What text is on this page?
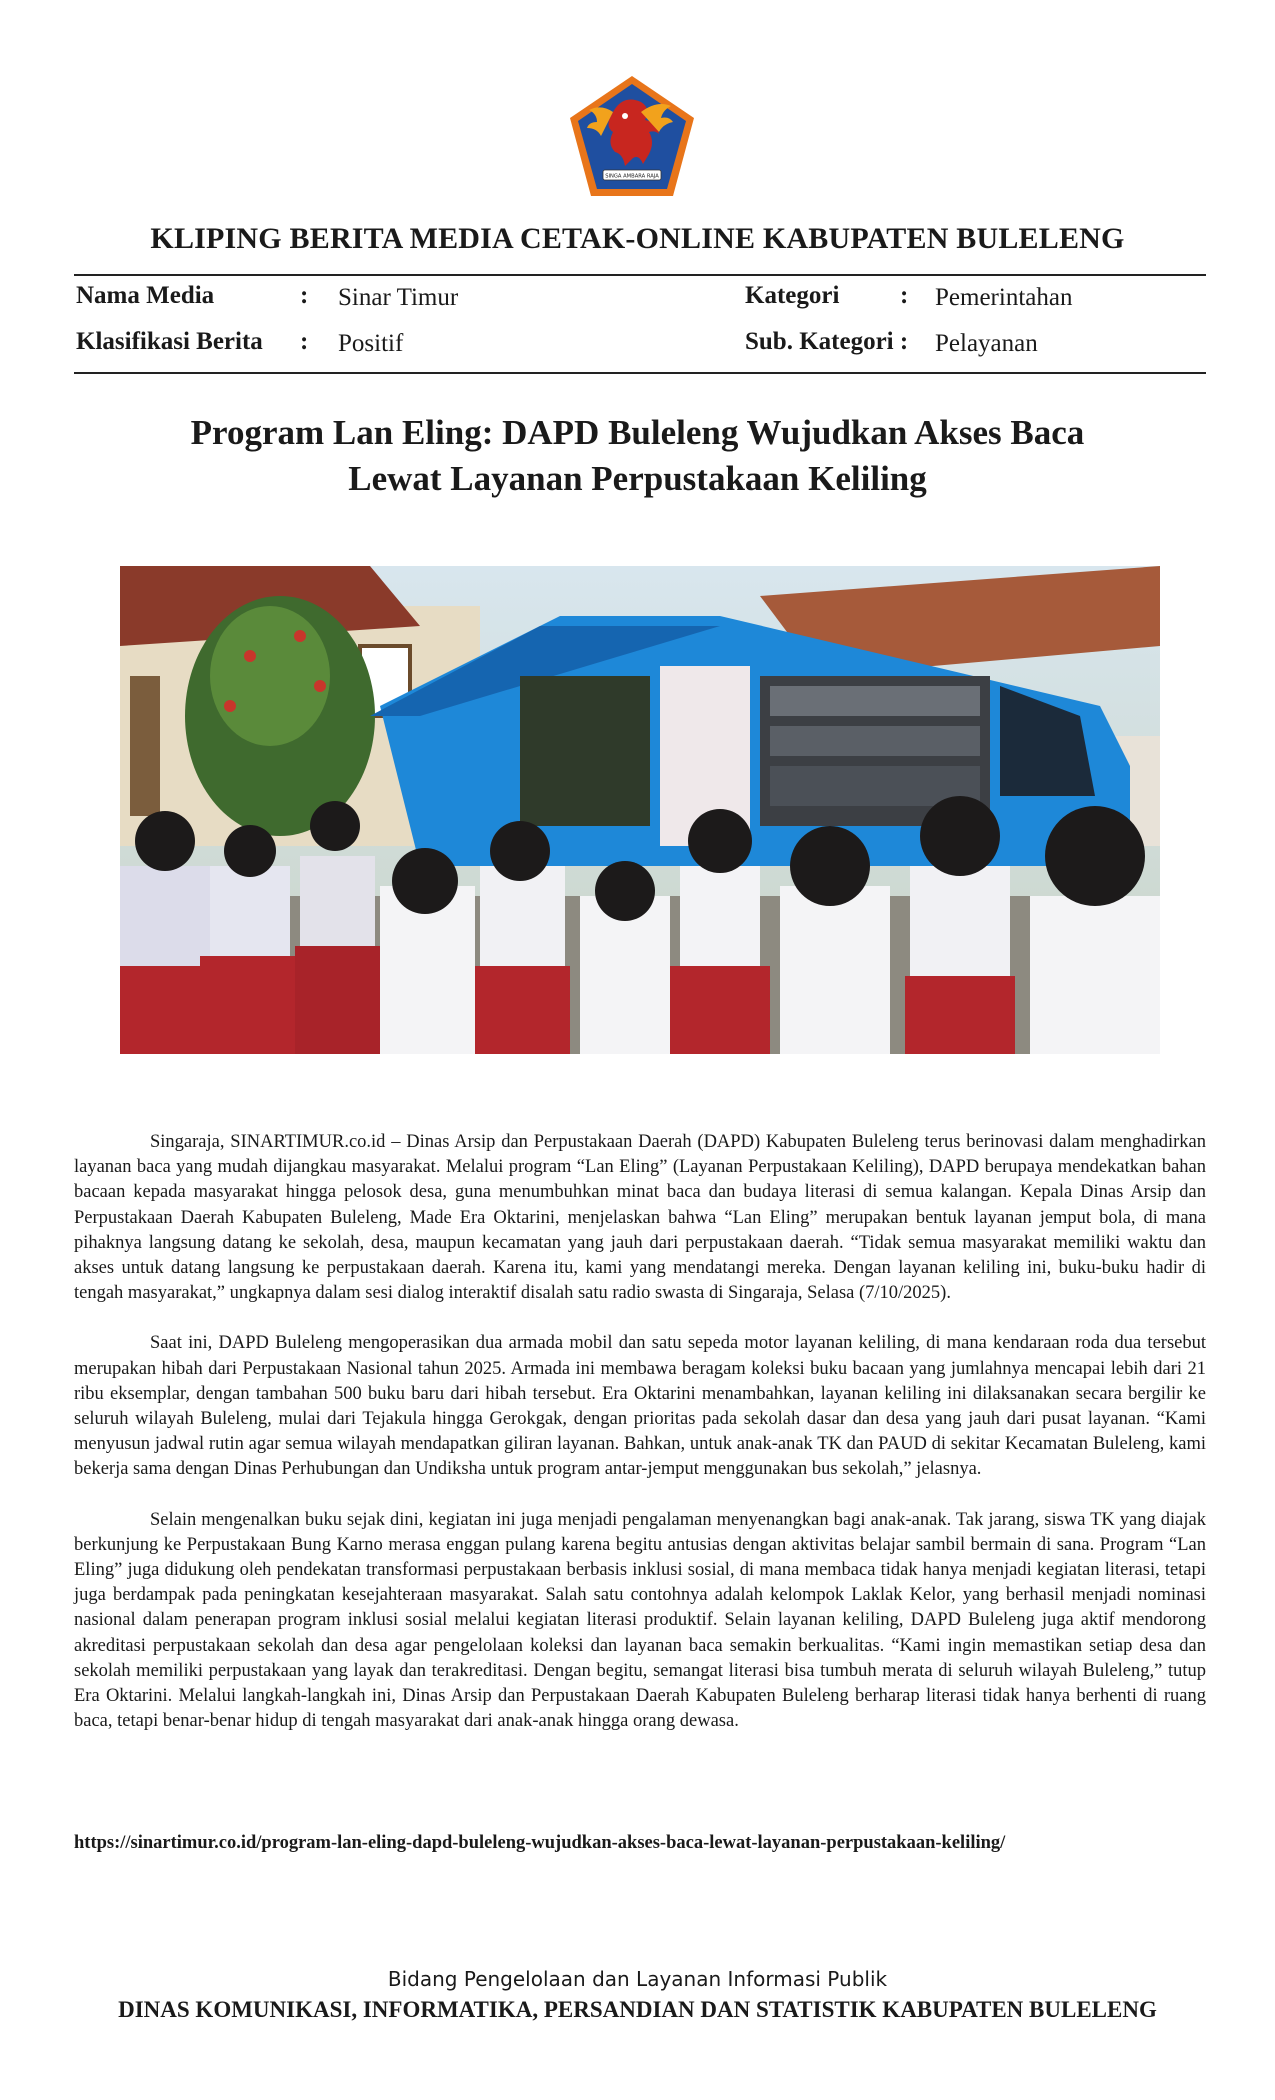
SINGA AMBARA RAJA
KLIPING BERITA MEDIA CETAK-ONLINE KABUPATEN BULELENG
Nama Media	: Sinar Timur
Klasifikasi Berita : Positif
Kategori : Pemerintahan
Sub. Kategori : Pelayanan
Program Lan Eling: DAPD Buleleng Wujudkan Akses Baca
Lewat Layanan Perpustakaan Keliling

Singaraja, SINARTIMUR.co.id – Dinas Arsip dan Perpustakaan Daerah (DAPD) Kabupaten Buleleng terus berinovasi dalam menghadirkan layanan baca yang mudah dijangkau masyarakat. Melalui program “Lan Eling” (Layanan Perpustakaan Keliling), DAPD berupaya mendekatkan bahan bacaan kepada masyarakat hingga pelosok desa, guna menumbuhkan minat baca dan budaya literasi di semua kalangan. Kepala Dinas Arsip dan Perpustakaan Daerah Kabupaten Buleleng, Made Era Oktarini, menjelaskan bahwa “Lan Eling” merupakan bentuk layanan jemput bola, di mana pihaknya langsung datang ke sekolah, desa, maupun kecamatan yang jauh dari perpustakaan daerah. “Tidak semua masyarakat memiliki waktu dan akses untuk datang langsung ke perpustakaan daerah. Karena itu, kami yang mendatangi mereka. Dengan layanan keliling ini, buku-buku hadir di tengah masyarakat,” ungkapnya dalam sesi dialog interaktif disalah satu radio swasta di Singaraja, Selasa (7/10/2025).

Saat ini, DAPD Buleleng mengoperasikan dua armada mobil dan satu sepeda motor layanan keliling, di mana kendaraan roda dua tersebut merupakan hibah dari Perpustakaan Nasional tahun 2025. Armada ini membawa beragam koleksi buku bacaan yang jumlahnya mencapai lebih dari 21 ribu eksemplar, dengan tambahan 500 buku baru dari hibah tersebut. Era Oktarini menambahkan, layanan keliling ini dilaksanakan secara bergilir ke seluruh wilayah Buleleng, mulai dari Tejakula hingga Gerokgak, dengan prioritas pada sekolah dasar dan desa yang jauh dari pusat layanan. “Kami menyusun jadwal rutin agar semua wilayah mendapatkan giliran layanan. Bahkan, untuk anak-anak TK dan PAUD di sekitar Kecamatan Buleleng, kami bekerja sama dengan Dinas Perhubungan dan Undiksha untuk program antar-jemput menggunakan bus sekolah,” jelasnya.

Selain mengenalkan buku sejak dini, kegiatan ini juga menjadi pengalaman menyenangkan bagi anak-anak. Tak jarang, siswa TK yang diajak berkunjung ke Perpustakaan Bung Karno merasa enggan pulang karena begitu antusias dengan aktivitas belajar sambil bermain di sana. Program “Lan Eling” juga didukung oleh pendekatan transformasi perpustakaan berbasis inklusi sosial, di mana membaca tidak hanya menjadi kegiatan literasi, tetapi juga berdampak pada peningkatan kesejahteraan masyarakat. Salah satu contohnya adalah kelompok Laklak Kelor, yang berhasil menjadi nominasi nasional dalam penerapan program inklusi sosial melalui kegiatan literasi produktif. Selain layanan keliling, DAPD Buleleng juga aktif mendorong akreditasi perpustakaan sekolah dan desa agar pengelolaan koleksi dan layanan baca semakin berkualitas. “Kami ingin memastikan setiap desa dan sekolah memiliki perpustakaan yang layak dan terakreditasi. Dengan begitu, semangat literasi bisa tumbuh merata di seluruh wilayah Buleleng,” tutup Era Oktarini. Melalui langkah-langkah ini, Dinas Arsip dan Perpustakaan Daerah Kabupaten Buleleng berharap literasi tidak hanya berhenti di ruang baca, tetapi benar-benar hidup di tengah masyarakat dari anak-anak hingga orang dewasa.

https://sinartimur.co.id/program-lan-eling-dapd-buleleng-wujudkan-akses-baca-lewat-layanan-perpustakaan-keliling/
Bidang Pengelolaan dan Layanan Informasi Publik
DINAS KOMUNIKASI, INFORMATIKA, PERSANDIAN DAN STATISTIK KABUPATEN BULELENG
